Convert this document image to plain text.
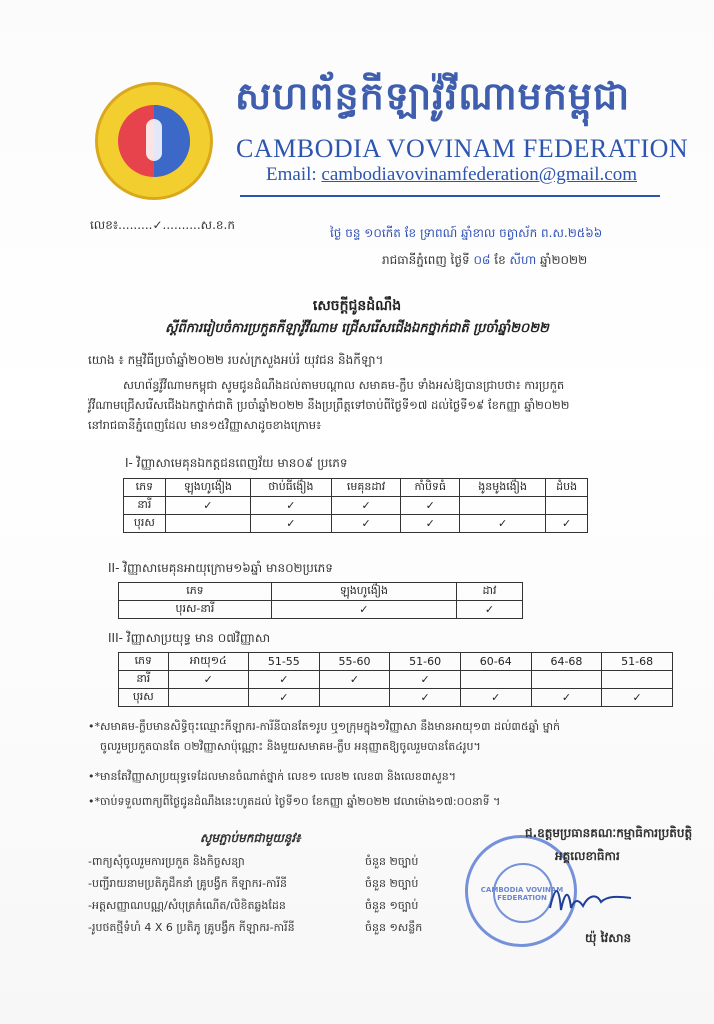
សហព័ន្ធកីឡាវ៉ូវីណាមកម្ពុជា
CAMBODIA VOVINAM FEDERATION
Email: cambodiavovinamfederation@gmail.com
លេខ៖.........✓..........ស.ខ.ក
ថ្ងៃ ចន្ទ ១០កើត ខែ ទ្រាពណ៍ ឆ្នាំខាល ចត្វាស័ក ព.ស.២៥៦៦
រាជធានីភ្នំពេញ ថ្ងៃទី ០៨ ខែ សីហា ឆ្នាំ២០២២
សេចក្តីជូនដំណឹង
ស្តីពីការរៀបចំការប្រកួតកីឡាវ៉ូវីណាម ជ្រើសរើសជើងឯកថ្នាក់ជាតិ ប្រចាំឆ្នាំ២០២២
យោង ៖ កម្មវិធីប្រចាំឆ្នាំ២០២២ របស់ក្រសួងអប់រំ យុវជន និងកីឡា។
សហព័ន្ធវ៉ូវីណាមកម្ពុជា សូមជូនដំណឹងដល់តាមបណ្តាល សមាគម-ក្លឹប ទាំងអស់ឱ្យបានជ្រាបថា៖ ការប្រកួត
វ៉ូវីណាមជ្រើសរើសជើងឯកថ្នាក់ជាតិ ប្រចាំឆ្នាំ២០២២ នឹងប្រព្រឹត្តទៅចាប់ពីថ្ងៃទី១៧ ដល់ថ្ងៃទី១៩ ខែកញ្ញា ឆ្នាំ២០២២
នៅរាជធានីភ្នំពេញដែល មាន១៥វិញ្ញាសាដូចខាងក្រោម៖
I- វិញ្ញាសាមេគុនឯកត្តជនពេញវ័យ មាន០៩ ប្រភេទ
ភេទ	ឡុងហូង៉ៀង	ថាប់ធីង៉ៀង	មេគុនដាវ	កាំបិទធំ	ងូនមូងង៉ៀង	ដំបង
នារី	✓	✓	✓	✓		
បុរស		✓	✓	✓	✓	✓
II- វិញ្ញាសាមេគុនអាយុក្រោម១៦ឆ្នាំ មាន០២ប្រភេទ
ភេទ	ឡុងហូង៉ៀង	ដាវ
បុរស-នារី	✓	✓
III- វិញ្ញាសាប្រយុទ្ធ មាន ០៧វិញ្ញាសា
ភេទ	អាយុ១៤	51-55	55-60	51-60	60-64	64-68	51-68
នារី	✓	✓	✓	✓			
បុរស		✓		✓	✓	✓	✓
•*សមាគម-ក្លឹបមានសិទ្ធិចុះឈ្មោះកីឡាករ-ការីនីបានតែ១រូប ឬ១ក្រុមក្នុង១វិញ្ញាសា នឹងមានអាយុ១៣ ដល់៣៥ឆ្នាំ ម្នាក់
ចូលរួមប្រកួតបានតែ ០២វិញ្ញាសាប៉ុណ្ណោះ និងមួយសមាគម-ក្លឹប អនុញ្ញាតឱ្យចូលរួមបានតែ៤រូប។
•*មានតែវិញ្ញាសាប្រយុទ្ធទេដែលមានចំណាត់ថ្នាក់ លេខ១ លេខ២ លេខ៣ និងលេខ៣សួន។
•*ចាប់ទទួលពាក្យពីថ្ងៃជូនដំណឹងនេះហូតដល់ ថ្ងៃទី១០ ខែកញ្ញា ឆ្នាំ២០២២ វេលាម៉ោង១៧:០០នាទី ។
សូមភ្ជាប់មកជាមួយនូវ៖
-ពាក្យសុំចូលរួមការប្រកួត និងកិច្ចសន្យា	ចំនួន ២ច្បាប់
-បញ្ជីរាយនាមប្រតិភូដឹកនាំ គ្រូបង្វឹក កីឡាករ-ការីនី	ចំនួន ២ច្បាប់
-អត្តសញ្ញាណបណ្ណ/សំបុត្រកំណើត/លិខិតឆ្លងដែន	ចំនួន ១ច្បាប់
-រូបថតថ្មីទំហំ 4 X 6 ប្រតិភូ គ្រូបង្វឹក កីឡាករ-ការីនី	ចំនួន ១សន្លឹក
CAMBODIA VOVINAM FEDERATION
ជ.ឧត្តមប្រធានគណៈកម្មាធិការប្រតិបត្តិ
អគ្គលេខាធិការ
យ៉ុ វៃសាន
